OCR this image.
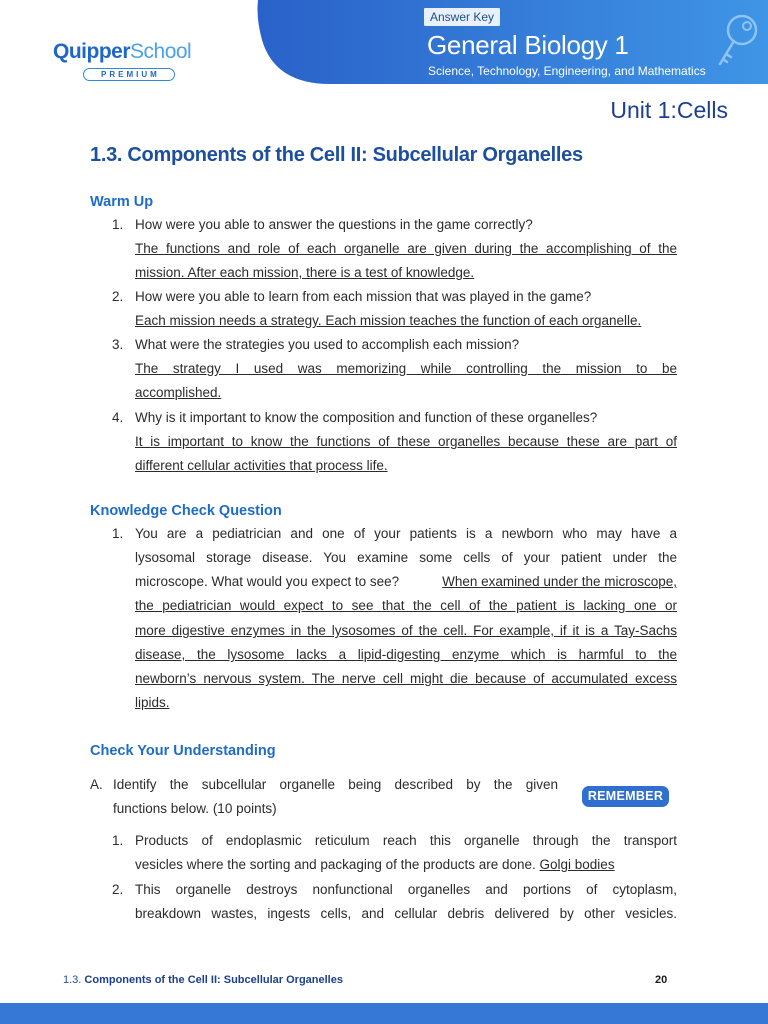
QuipperSchool
PREMIUM
Answer Key
General Biology 1
Science, Technology, Engineering, and Mathematics
Unit 1:Cells
1.3. Components of the Cell II: Subcellular Organelles
Warm Up
1. How were you able to answer the questions in the game correctly?
The functions and role of each organelle are given during the accomplishing of the
mission. After each mission, there is a test of knowledge.
2. How were you able to learn from each mission that was played in the game?
Each mission needs a strategy. Each mission teaches the function of each organelle.
3. What were the strategies you used to accomplish each mission?
The strategy I used was memorizing while controlling the mission to be
accomplished.
4. Why is it important to know the composition and function of these organelles?
It is important to know the functions of these organelles because these are part of
different cellular activities that process life.
Knowledge Check Question
1. You are a pediatrician and one of your patients is a newborn who may have a
lysosomal storage disease. You examine some cells of your patient under the
microscope. What would you expect to see?	When examined under the microscope,
the pediatrician would expect to see that the cell of the patient is lacking one or
more digestive enzymes in the lysosomes of the cell. For example, if it is a Tay-Sachs
disease, the lysosome lacks a lipid-digesting enzyme which is harmful to the
newborn’s nervous system. The nerve cell might die because of accumulated excess
lipids.
Check Your Understanding
A. Identify the subcellular organelle being described by the given
functions below. (10 points)
REMEMBER
1. Products of endoplasmic reticulum reach this organelle through the transport
vesicles where the sorting and packaging of the products are done. Golgi bodies
2. This organelle destroys nonfunctional organelles and portions of cytoplasm,
breakdown wastes, ingests cells, and cellular debris delivered by other vesicles.
1.3. Components of the Cell II: Subcellular Organelles	20
